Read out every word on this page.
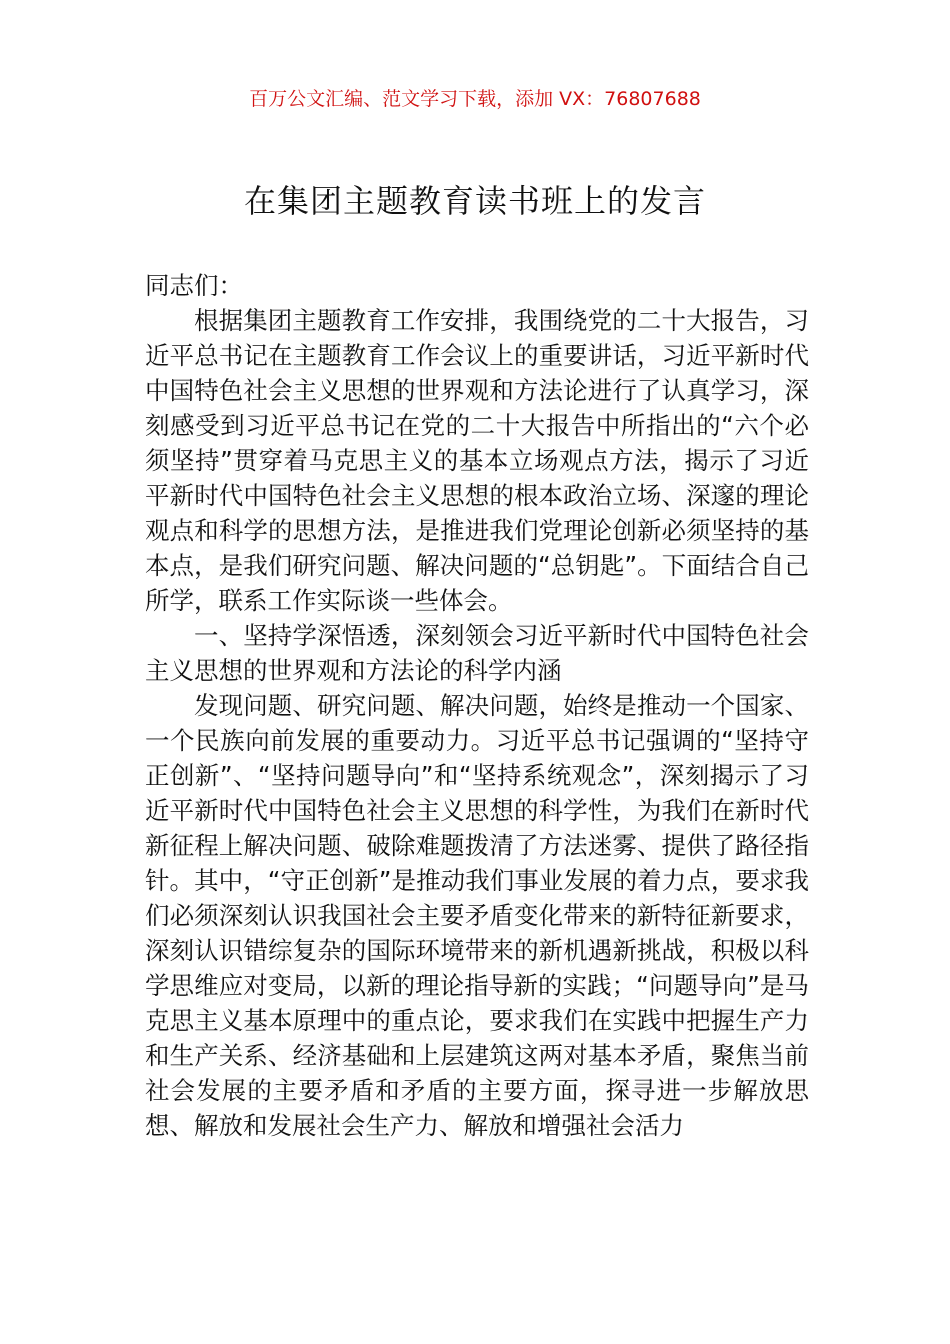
百万公文汇编、范文学习下载，添加 VX：76807688
在集团主题教育读书班上的发言

同志们：

根据集团主题教育工作安排，我围绕党的二十大报告，习近平总书记在主题教育工作会议上的重要讲话，习近平新时代中国特色社会主义思想的世界观和方法论进行了认真学习，深刻感受到习近平总书记在党的二十大报告中所指出的“六个必须坚持”贯穿着马克思主义的基本立场观点方法，揭示了习近平新时代中国特色社会主义思想的根本政治立场、深邃的理论观点和科学的思想方法，是推进我们党理论创新必须坚持的基本点，是我们研究问题、解决问题的“总钥匙”。下面结合自己所学，联系工作实际谈一些体会。

一、坚持学深悟透，深刻领会习近平新时代中国特色社会主义思想的世界观和方法论的科学内涵

发现问题、研究问题、解决问题，始终是推动一个国家、一个民族向前发展的重要动力。习近平总书记强调的“坚持守正创新”、“坚持问题导向”和“坚持系统观念”，深刻揭示了习近平新时代中国特色社会主义思想的科学性，为我们在新时代新征程上解决问题、破除难题拨清了方法迷雾、提供了路径指针。其中，“守正创新”是推动我们事业发展的着力点，要求我们必须深刻认识我国社会主要矛盾变化带来的新特征新要求，深刻认识错综复杂的国际环境带来的新机遇新挑战，积极以科学思维应对变局，以新的理论指导新的实践；“问题导向”是马克思主义基本原理中的重点论，要求我们在实践中把握生产力和生产关系、经济基础和上层建筑这两对基本矛盾，聚焦当前社会发展的主要矛盾和矛盾的主要方面，探寻进一步解放思想、解放和发展社会生产力、解放和增强社会活力
